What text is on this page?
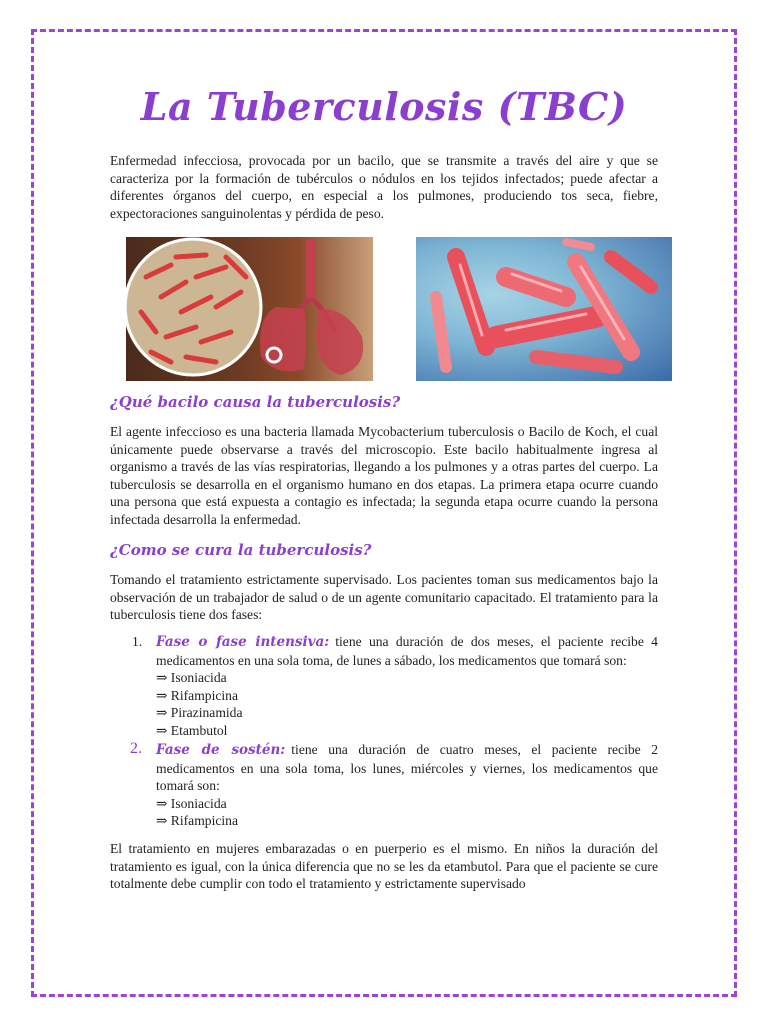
La Tuberculosis (TBC)

Enfermedad infecciosa, provocada por un bacilo, que se transmite a través del aire y que se caracteriza por la formación de tubérculos o nódulos en los tejidos infectados; puede afectar a diferentes órganos del cuerpo, en especial a los pulmones, produciendo tos seca, fiebre, expectoraciones sanguinolentas y pérdida de peso.

¿Qué bacilo causa la tuberculosis?

El agente infeccioso es una bacteria llamada Mycobacterium tuberculosis o Bacilo de Koch, el cual únicamente puede observarse a través del microscopio. Este bacilo habitualmente ingresa al organismo a través de las vías respiratorias, llegando a los pulmones y a otras partes del cuerpo. La tuberculosis se desarrolla en el organismo humano en dos etapas. La primera etapa ocurre cuando una persona que está expuesta a contagio es infectada; la segunda etapa ocurre cuando la persona infectada desarrolla la enfermedad.

¿Como se cura la tuberculosis?

Tomando el tratamiento estrictamente supervisado. Los pacientes toman sus medicamentos bajo la observación de un trabajador de salud o de un agente comunitario capacitado. El tratamiento para la tuberculosis tiene dos fases:

1. Fase o fase intensiva: tiene una duración de dos meses, el paciente recibe 4 medicamentos en una sola toma, de lunes a sábado, los medicamentos que tomará son:
⇒ Isoniacida
⇒ Rifampicina
⇒ Pirazinamida
⇒ Etambutol
2. Fase de sostén: tiene una duración de cuatro meses, el paciente recibe 2 medicamentos en una sola toma, los lunes, miércoles y viernes, los medicamentos que tomará son:
⇒ Isoniacida
⇒ Rifampicina

El tratamiento en mujeres embarazadas o en puerperio es el mismo. En niños la duración del tratamiento es igual, con la única diferencia que no se les da etambutol. Para que el paciente se cure totalmente debe cumplir con todo el tratamiento y estrictamente supervisado
